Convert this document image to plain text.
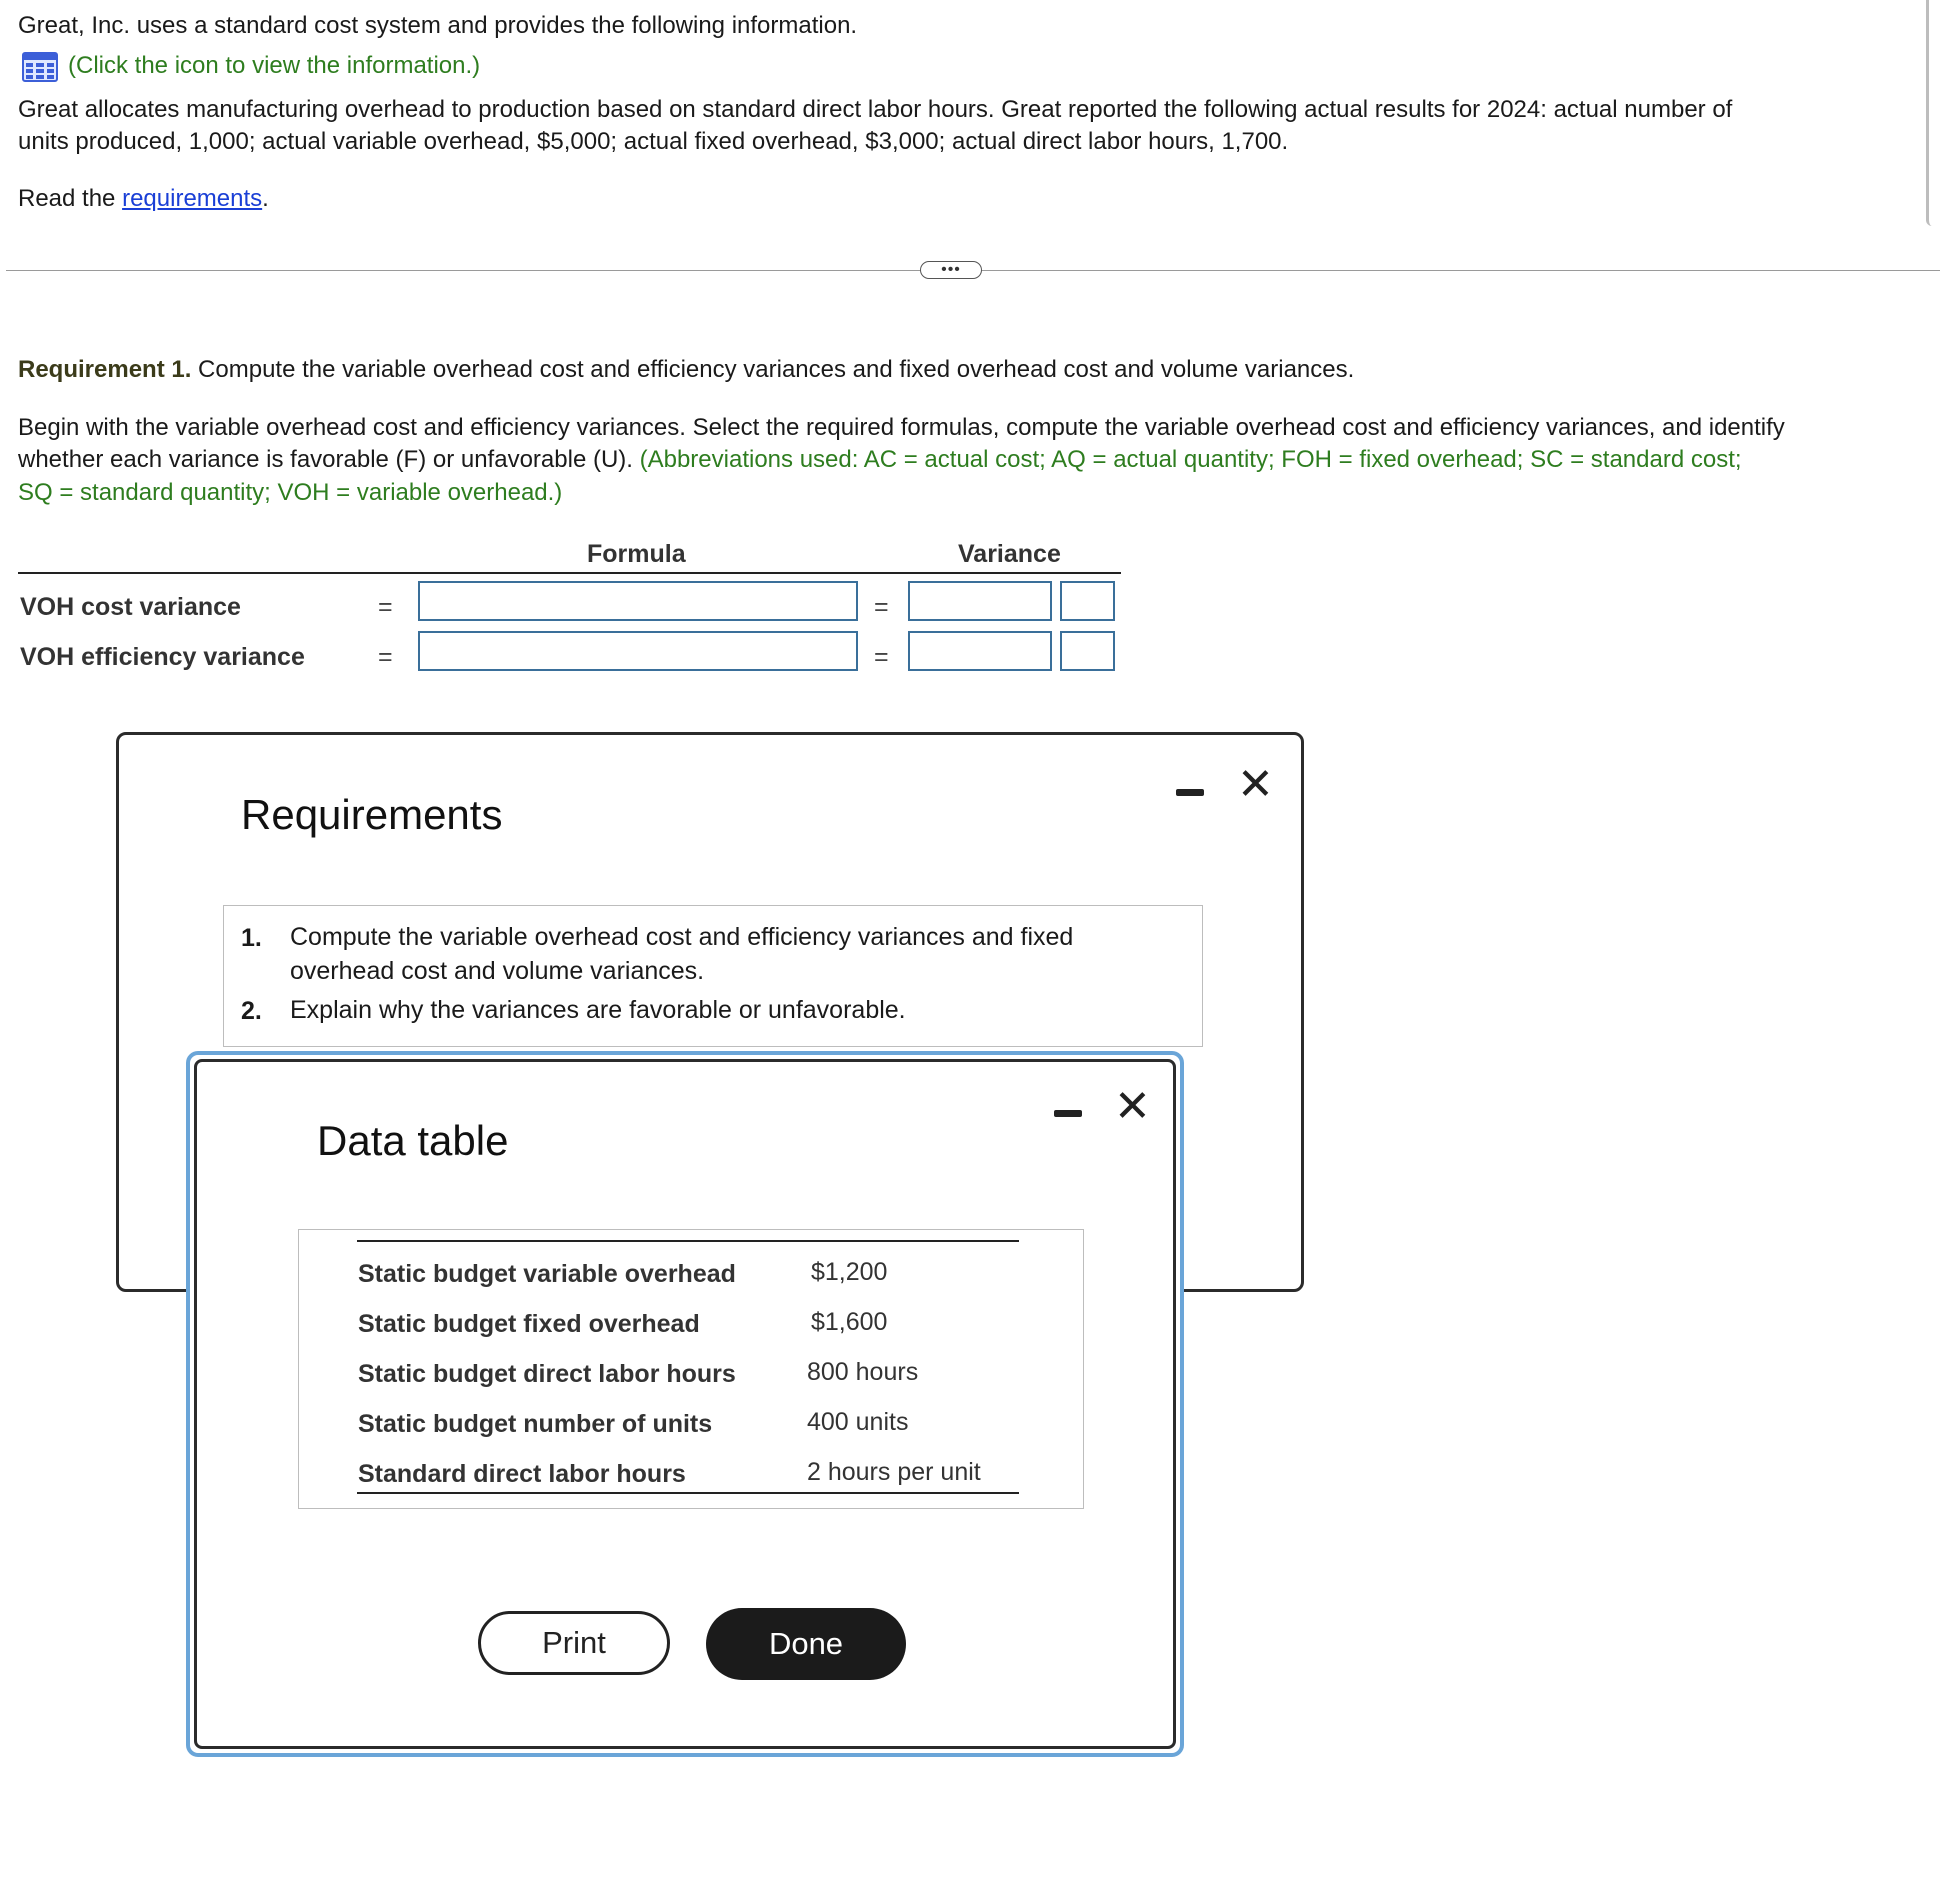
Great, Inc. uses a standard cost system and provides the following information.

(Click the icon to view the information.)

Great allocates manufacturing overhead to production based on standard direct labor hours. Great reported the following actual results for 2024: actual number of

units produced, 1,000; actual variable overhead, $5,000; actual fixed overhead, $3,000; actual direct labor hours, 1,700.

Read the requirements.

•••

Requirement 1. Compute the variable overhead cost and efficiency variances and fixed overhead cost and volume variances.

Begin with the variable overhead cost and efficiency variances. Select the required formulas, compute the variable overhead cost and efficiency variances, and identify

whether each variance is favorable (F) or unfavorable (U). (Abbreviations used: AC = actual cost; AQ = actual quantity; FOH = fixed overhead; SC = standard cost;

SQ = standard quantity; VOH = variable overhead.)

Formula	Variance
VOH cost variance	=	=
VOH efficiency variance	=	=
Requirements
✕
1. Compute the variable overhead cost and efficiency variances and fixed
overhead cost and volume variances.
2. Explain why the variances are favorable or unfavorable.
Data table
✕
Static budget variable overhead	$1,200
Static budget fixed overhead	$1,600
Static budget direct labor hours	800 hours
Static budget number of units	400 units
Standard direct labor hours	2 hours per unit
Print	Done
